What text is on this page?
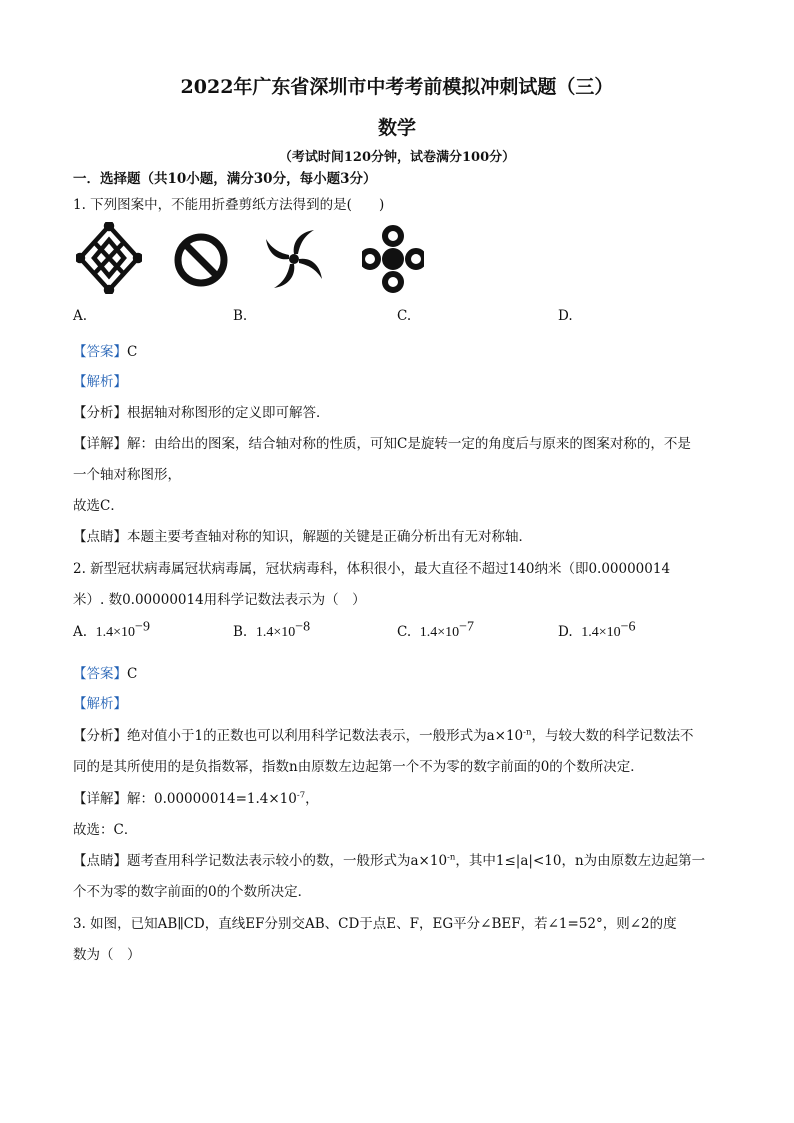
2022年广东省深圳市中考考前模拟冲刺试题（三）
数学
（考试时间120分钟，试卷满分100分）
一．选择题（共10小题，满分30分，每小题3分）
1. 下列图案中，不能用折叠剪纸方法得到的是(　　)
A.	B.	C.	D.
【答案】C
【解析】
【分析】根据轴对称图形的定义即可解答．
【详解】解：由给出的图案，结合轴对称的性质，可知C是旋转一定的角度后与原来的图案对称的，不是
一个轴对称图形，
故选C．
【点睛】本题主要考查轴对称的知识，解题的关键是正确分析出有无对称轴．
2. 新型冠状病毒属冠状病毒属，冠状病毒科，体积很小，最大直径不超过140纳米（即0.00000014
米）. 数0.00000014用科学记数法表示为（　）
A. 1.4×10−9	B. 1.4×10−8	C. 1.4×10−7	D. 1.4×10−6
【答案】C
【解析】
【分析】绝对值小于1的正数也可以利用科学记数法表示，一般形式为$a\times 10^{-n}$，与较大数的科学记数法不
同的是其所使用的是负指数幂，指数n由原数左边起第一个不为零的数字前面的0的个数所决定．
【详解】解：$0.00000014=1.4\times 10^{-7}$，
故选：C．
【点睛】题考查用科学记数法表示较小的数，一般形式为$a\times 10^{-n}$，其中1≤|a|<10，n为由原数左边起第一
个不为零的数字前面的0的个数所决定．
3. 如图，已知AB∥CD，直线EF分别交AB、CD于点E、F，EG平分∠BEF，若∠1=52°，则∠2的度
数为（　）
